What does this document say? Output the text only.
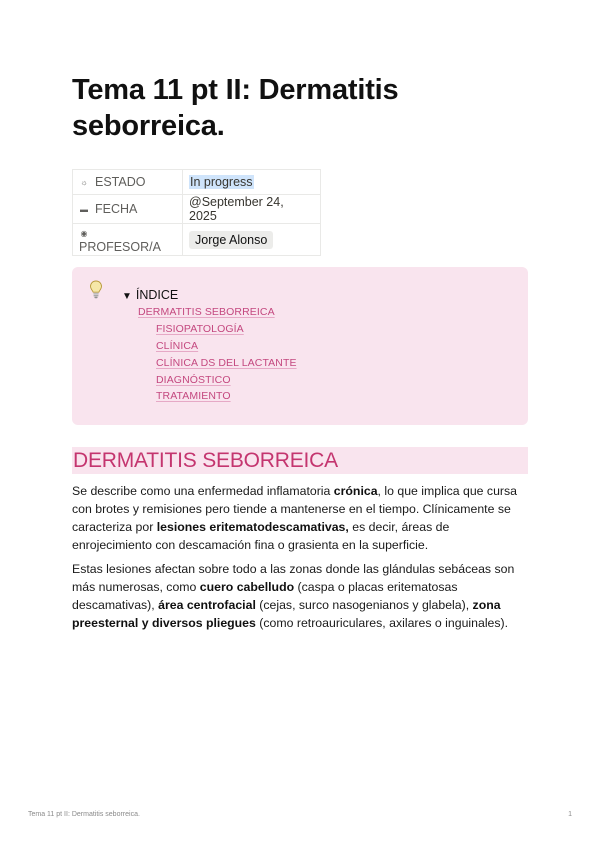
Tema 11 pt II: Dermatitis seborreica.
☼ ESTADO	In progress
▬ FECHA	@September 24, 2025
◉PROFESOR/A	Jorge Alonso
▼ ÍNDICE
DERMATITIS SEBORREICA
FISIOPATOLOGÍA
CLÍNICA
CLÍNICA DS DEL LACTANTE
DIAGNÓSTICO
TRATAMIENTO
DERMATITIS SEBORREICA

Se describe como una enfermedad inflamatoria crónica, lo que implica que cursa con brotes y remisiones pero tiende a mantenerse en el tiempo. Clínicamente se caracteriza por lesiones eritematodescamativas, es decir, áreas de enrojecimiento con descamación fina o grasienta en la superficie.

Estas lesiones afectan sobre todo a las zonas donde las glándulas sebáceas son más numerosas, como cuero cabelludo (caspa o placas eritematosas descamativas), área centrofacial (cejas, surco nasogenianos y glabela), zona preesternal y diversos pliegues (como retroauriculares, axilares o inguinales).

Tema 11 pt II: Dermatitis seborreica.	1
